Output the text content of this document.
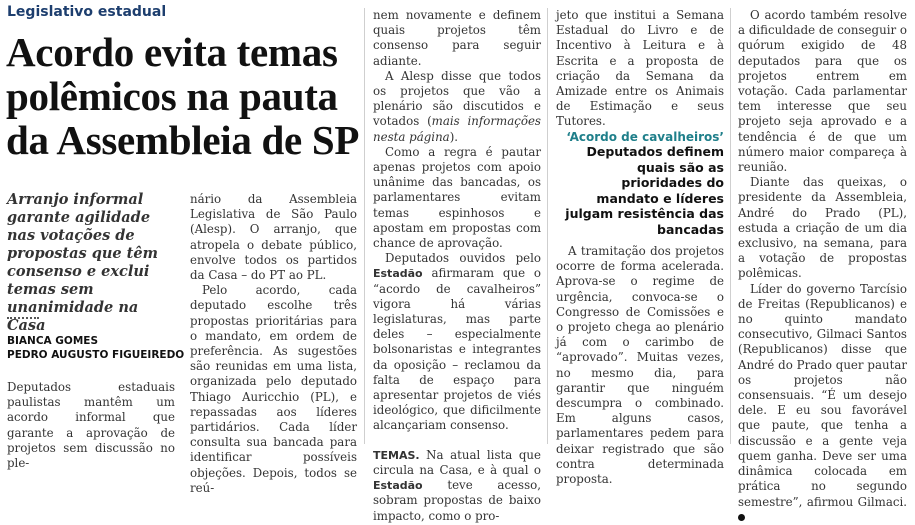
Legislativo estadual
Acordo evita temas polêmicos na pauta da Assembleia de SP
Arranjo informal garante agilidade nas votações de propostas que têm consenso e exclui temas sem unanimidade na Casa
BIANCA GOMES
PEDRO AUGUSTO FIGUEIREDO

Deputados estaduais paulistas mantêm um acordo informal que garante a aprovação de projetos sem discussão no ple-

nário da Assembleia Legislativa de São Paulo (Alesp). O arranjo, que atropela o debate público, envolve todos os partidos da Casa – do PT ao PL.

Pelo acordo, cada deputado escolhe três propostas prioritárias para o mandato, em ordem de preferência. As sugestões são reunidas em uma lista, organizada pelo deputado Thiago Auricchio (PL), e repassadas aos líderes partidários. Cada líder consulta sua bancada para identificar possíveis objeções. Depois, todos se reú-

nem novamente e definem quais projetos têm consenso para seguir adiante.

A Alesp disse que todos os projetos que vão a plenário são discutidos e votados (mais informações nesta página).

Como a regra é pautar apenas projetos com apoio unânime das bancadas, os parlamentares evitam temas espinhosos e apostam em propostas com chance de aprovação.

Deputados ouvidos pelo Estadão afirmaram que o “acordo de cavalheiros” vigora há várias legislaturas, mas parte deles – especialmente bolsonaristas e integrantes da oposição – reclamou da falta de espaço para apresentar projetos de viés ideológico, que dificilmente alcançariam consenso.

TEMAS. Na atual lista que circula na Casa, e à qual o Estadão teve acesso, sobram propostas de baixo impacto, como o pro-

jeto que institui a Semana Estadual do Livro e de Incentivo à Leitura e à Escrita e a proposta de criação da Semana da Amizade entre os Animais de Estimação e seus Tutores.

‘Acordo de cavalheiros’
Deputados definem quais são as prioridades do mandato e líderes julgam resistência das bancadas

A tramitação dos projetos ocorre de forma acelerada. Aprova-se o regime de urgência, convoca-se o Congresso de Comissões e o projeto chega ao plenário já com o carimbo de “aprovado”. Muitas vezes, no mesmo dia, para garantir que ninguém descumpra o combinado. Em alguns casos, parlamentares pedem para deixar registrado que são contra determinada proposta.

O acordo também resolve a dificuldade de conseguir o quórum exigido de 48 deputados para que os projetos entrem em votação. Cada parlamentar tem interesse que seu projeto seja aprovado e a tendência é de que um número maior compareça à reunião.

Diante das queixas, o presidente da Assembleia, André do Prado (PL), estuda a criação de um dia exclusivo, na semana, para a votação de propostas polêmicas.

Líder do governo Tarcísio de Freitas (Republicanos) e no quinto mandato consecutivo, Gilmaci Santos (Republicanos) disse que André do Prado quer pautar os projetos não consensuais. “É um desejo dele. E eu sou favorável que paute, que tenha a discussão e a gente veja quem ganha. Deve ser uma dinâmica colocada em prática no segundo semestre”, afirmou Gilmaci.
